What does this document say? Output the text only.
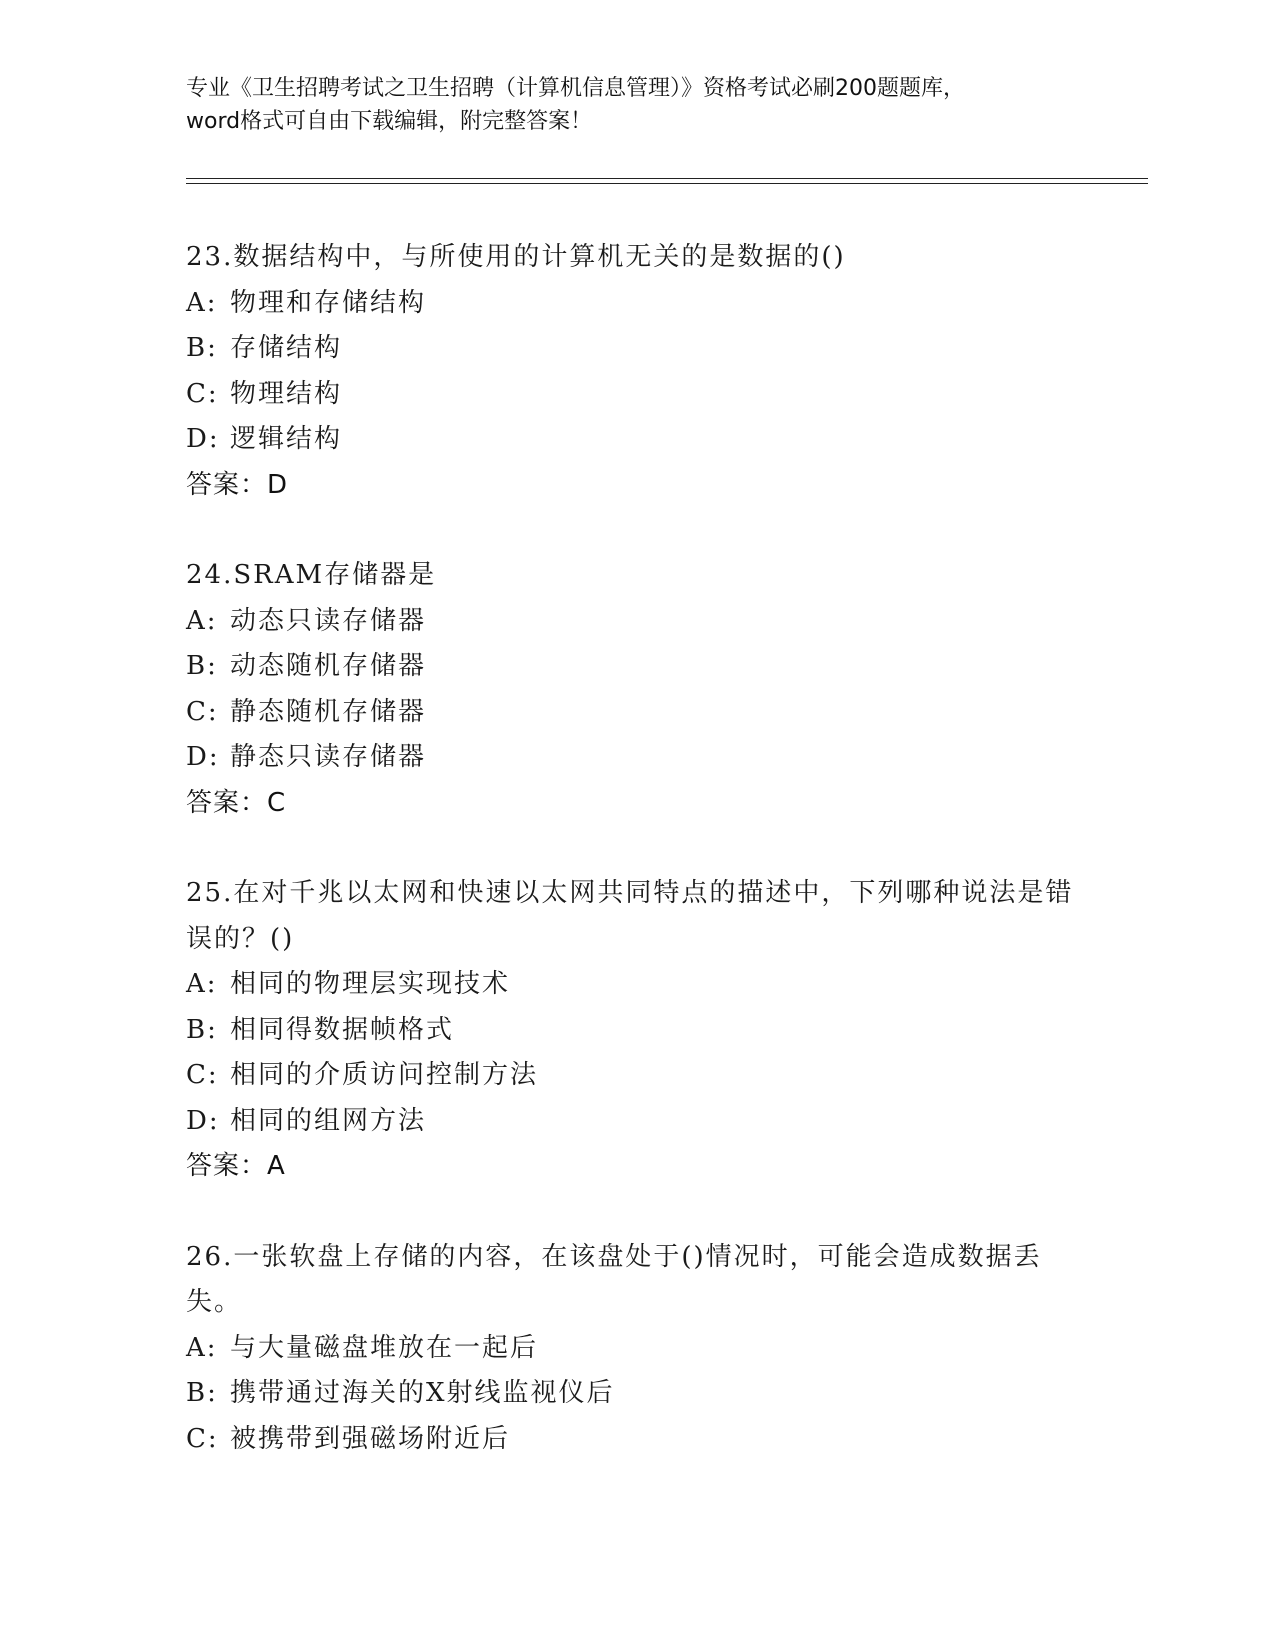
专业《卫生招聘考试之卫生招聘（计算机信息管理）》资格考试必刷200题题库，
word格式可自由下载编辑，附完整答案！
23.数据结构中，与所使用的计算机无关的是数据的()
A: 物理和存储结构
B: 存储结构
C: 物理结构
D: 逻辑结构
答案：D
24.SRAM存储器是
A: 动态只读存储器
B: 动态随机存储器
C: 静态随机存储器
D: 静态只读存储器
答案：C
25.在对千兆以太网和快速以太网共同特点的描述中，下列哪种说法是错误的？()
A: 相同的物理层实现技术
B: 相同得数据帧格式
C: 相同的介质访问控制方法
D: 相同的组网方法
答案：A
26.一张软盘上存储的内容，在该盘处于()情况时，可能会造成数据丢失。
A: 与大量磁盘堆放在一起后
B: 携带通过海关的X射线监视仪后
C: 被携带到强磁场附近后
